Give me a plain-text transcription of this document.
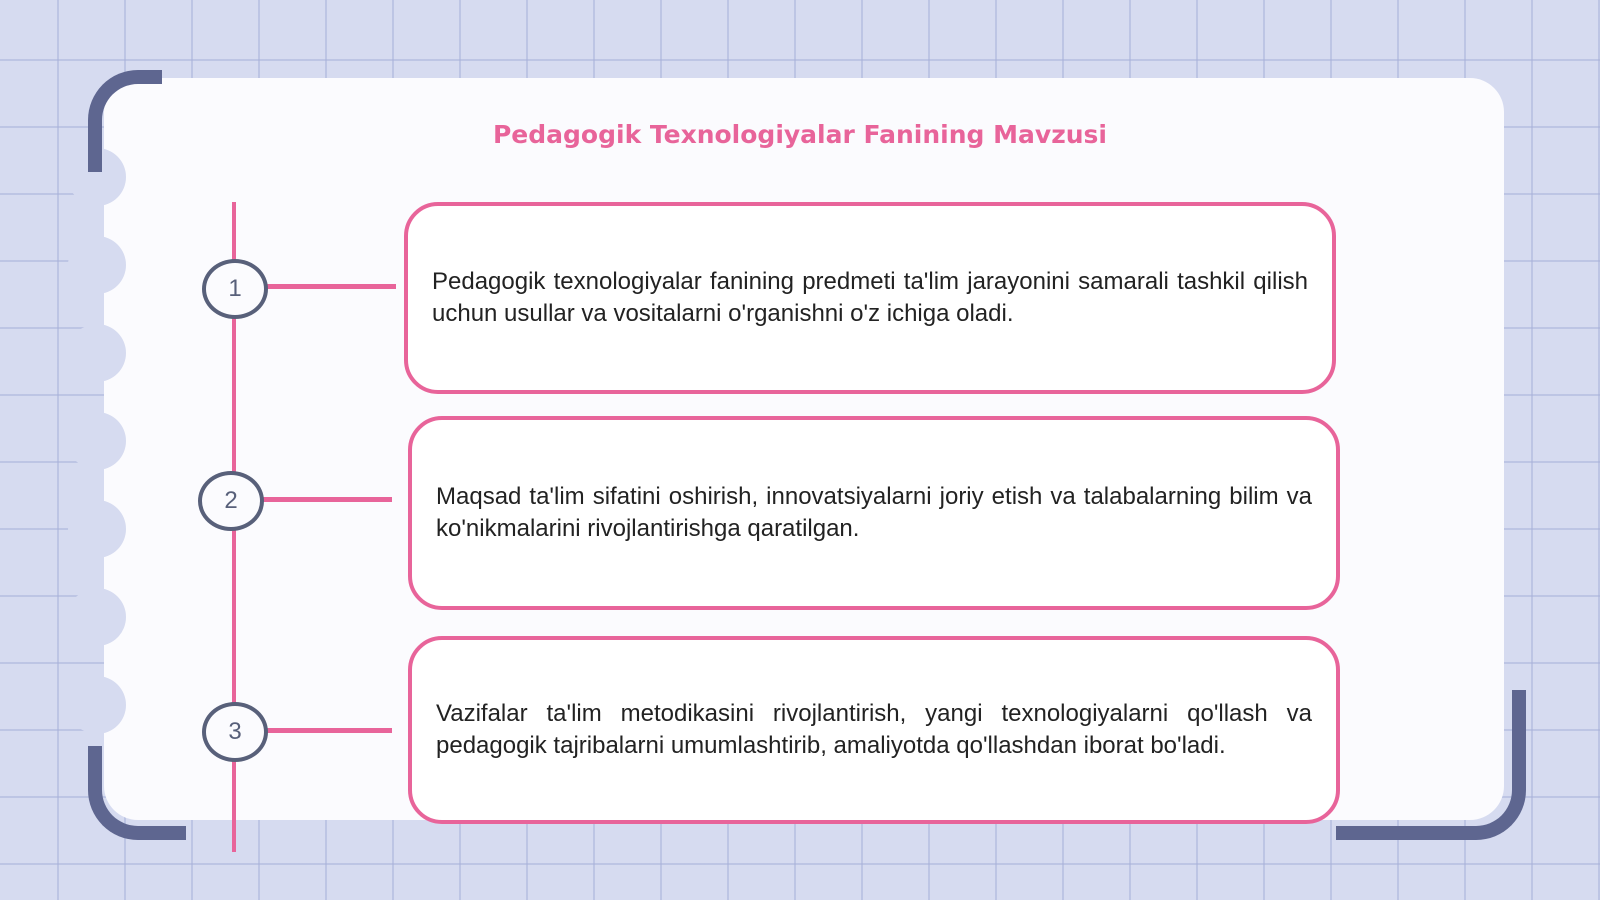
Pedagogik Texnologiyalar Fanining Mavzusi
1
2
3

Pedagogik texnologiyalar fanining predmeti ta'lim jarayonini samarali tashkil qilish uchun usullar va vositalarni o'rganishni o'z ichiga oladi.

Maqsad ta'lim sifatini oshirish, innovatsiyalarni joriy etish va talabalarning bilim va ko'nikmalarini rivojlantirishga qaratilgan.

Vazifalar ta'lim metodikasini rivojlantirish, yangi texnologiyalarni qo'llash va pedagogik tajribalarni umumlashtirib, amaliyotda qo'llashdan iborat bo'ladi.
